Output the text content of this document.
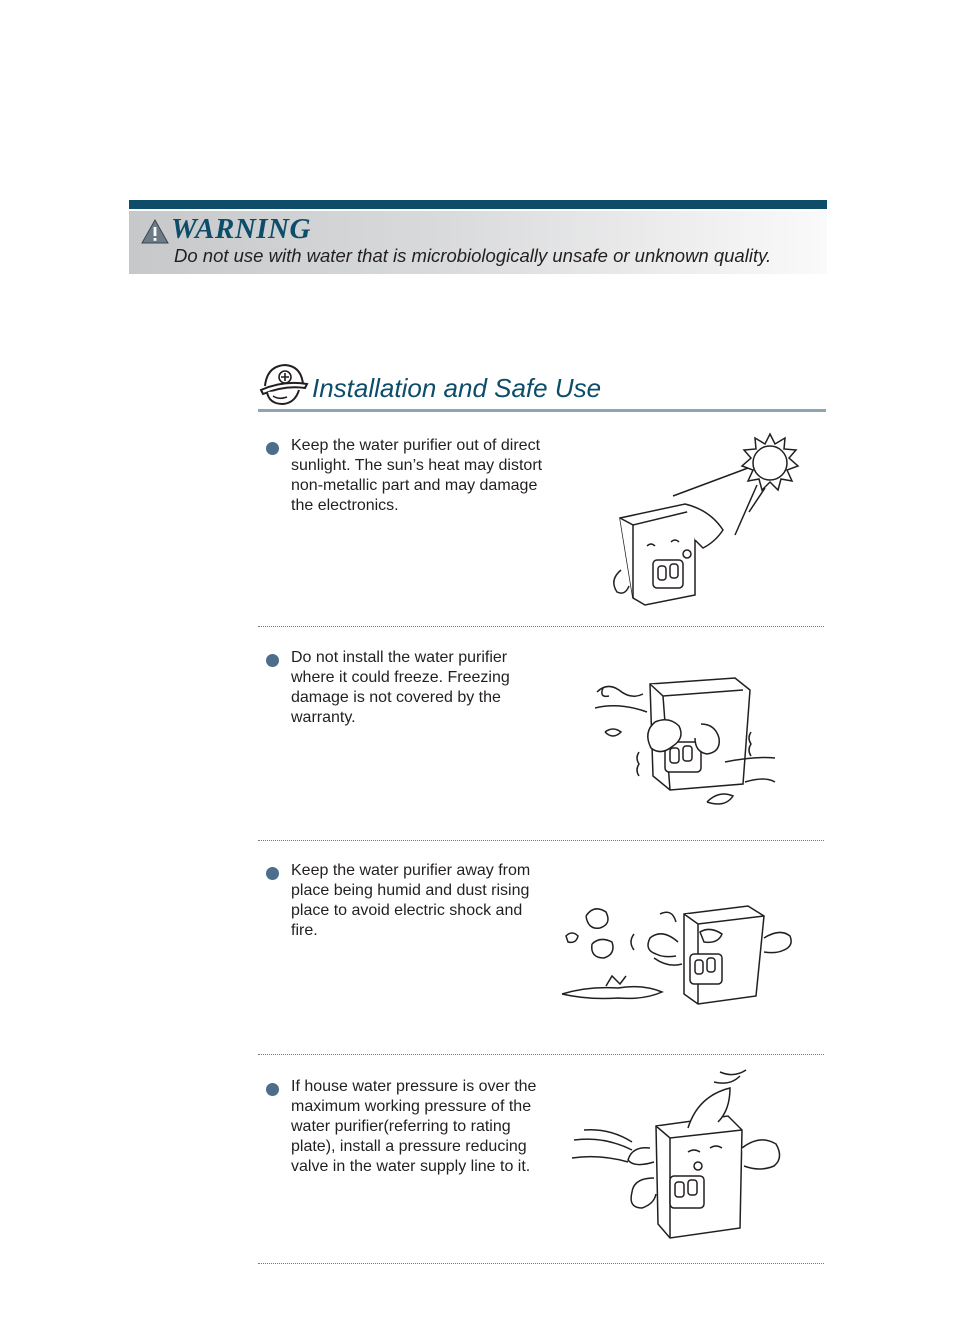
WARNING
Do not use with water that is microbiologically unsafe or unknown quality.
Installation and Safe Use
Keep the water purifier out of direct sunlight. The sun’s heat may distort non-metallic part and may damage the electronics.
Do not install the water purifier where it could freeze. Freezing damage is not covered by the warranty.
Keep the water purifier away from place being humid and dust rising place to avoid electric shock and fire.
If house water pressure is over the maximum working pressure of the water purifier(referring to rating plate), install a pressure reducing valve in the water supply line to it.
